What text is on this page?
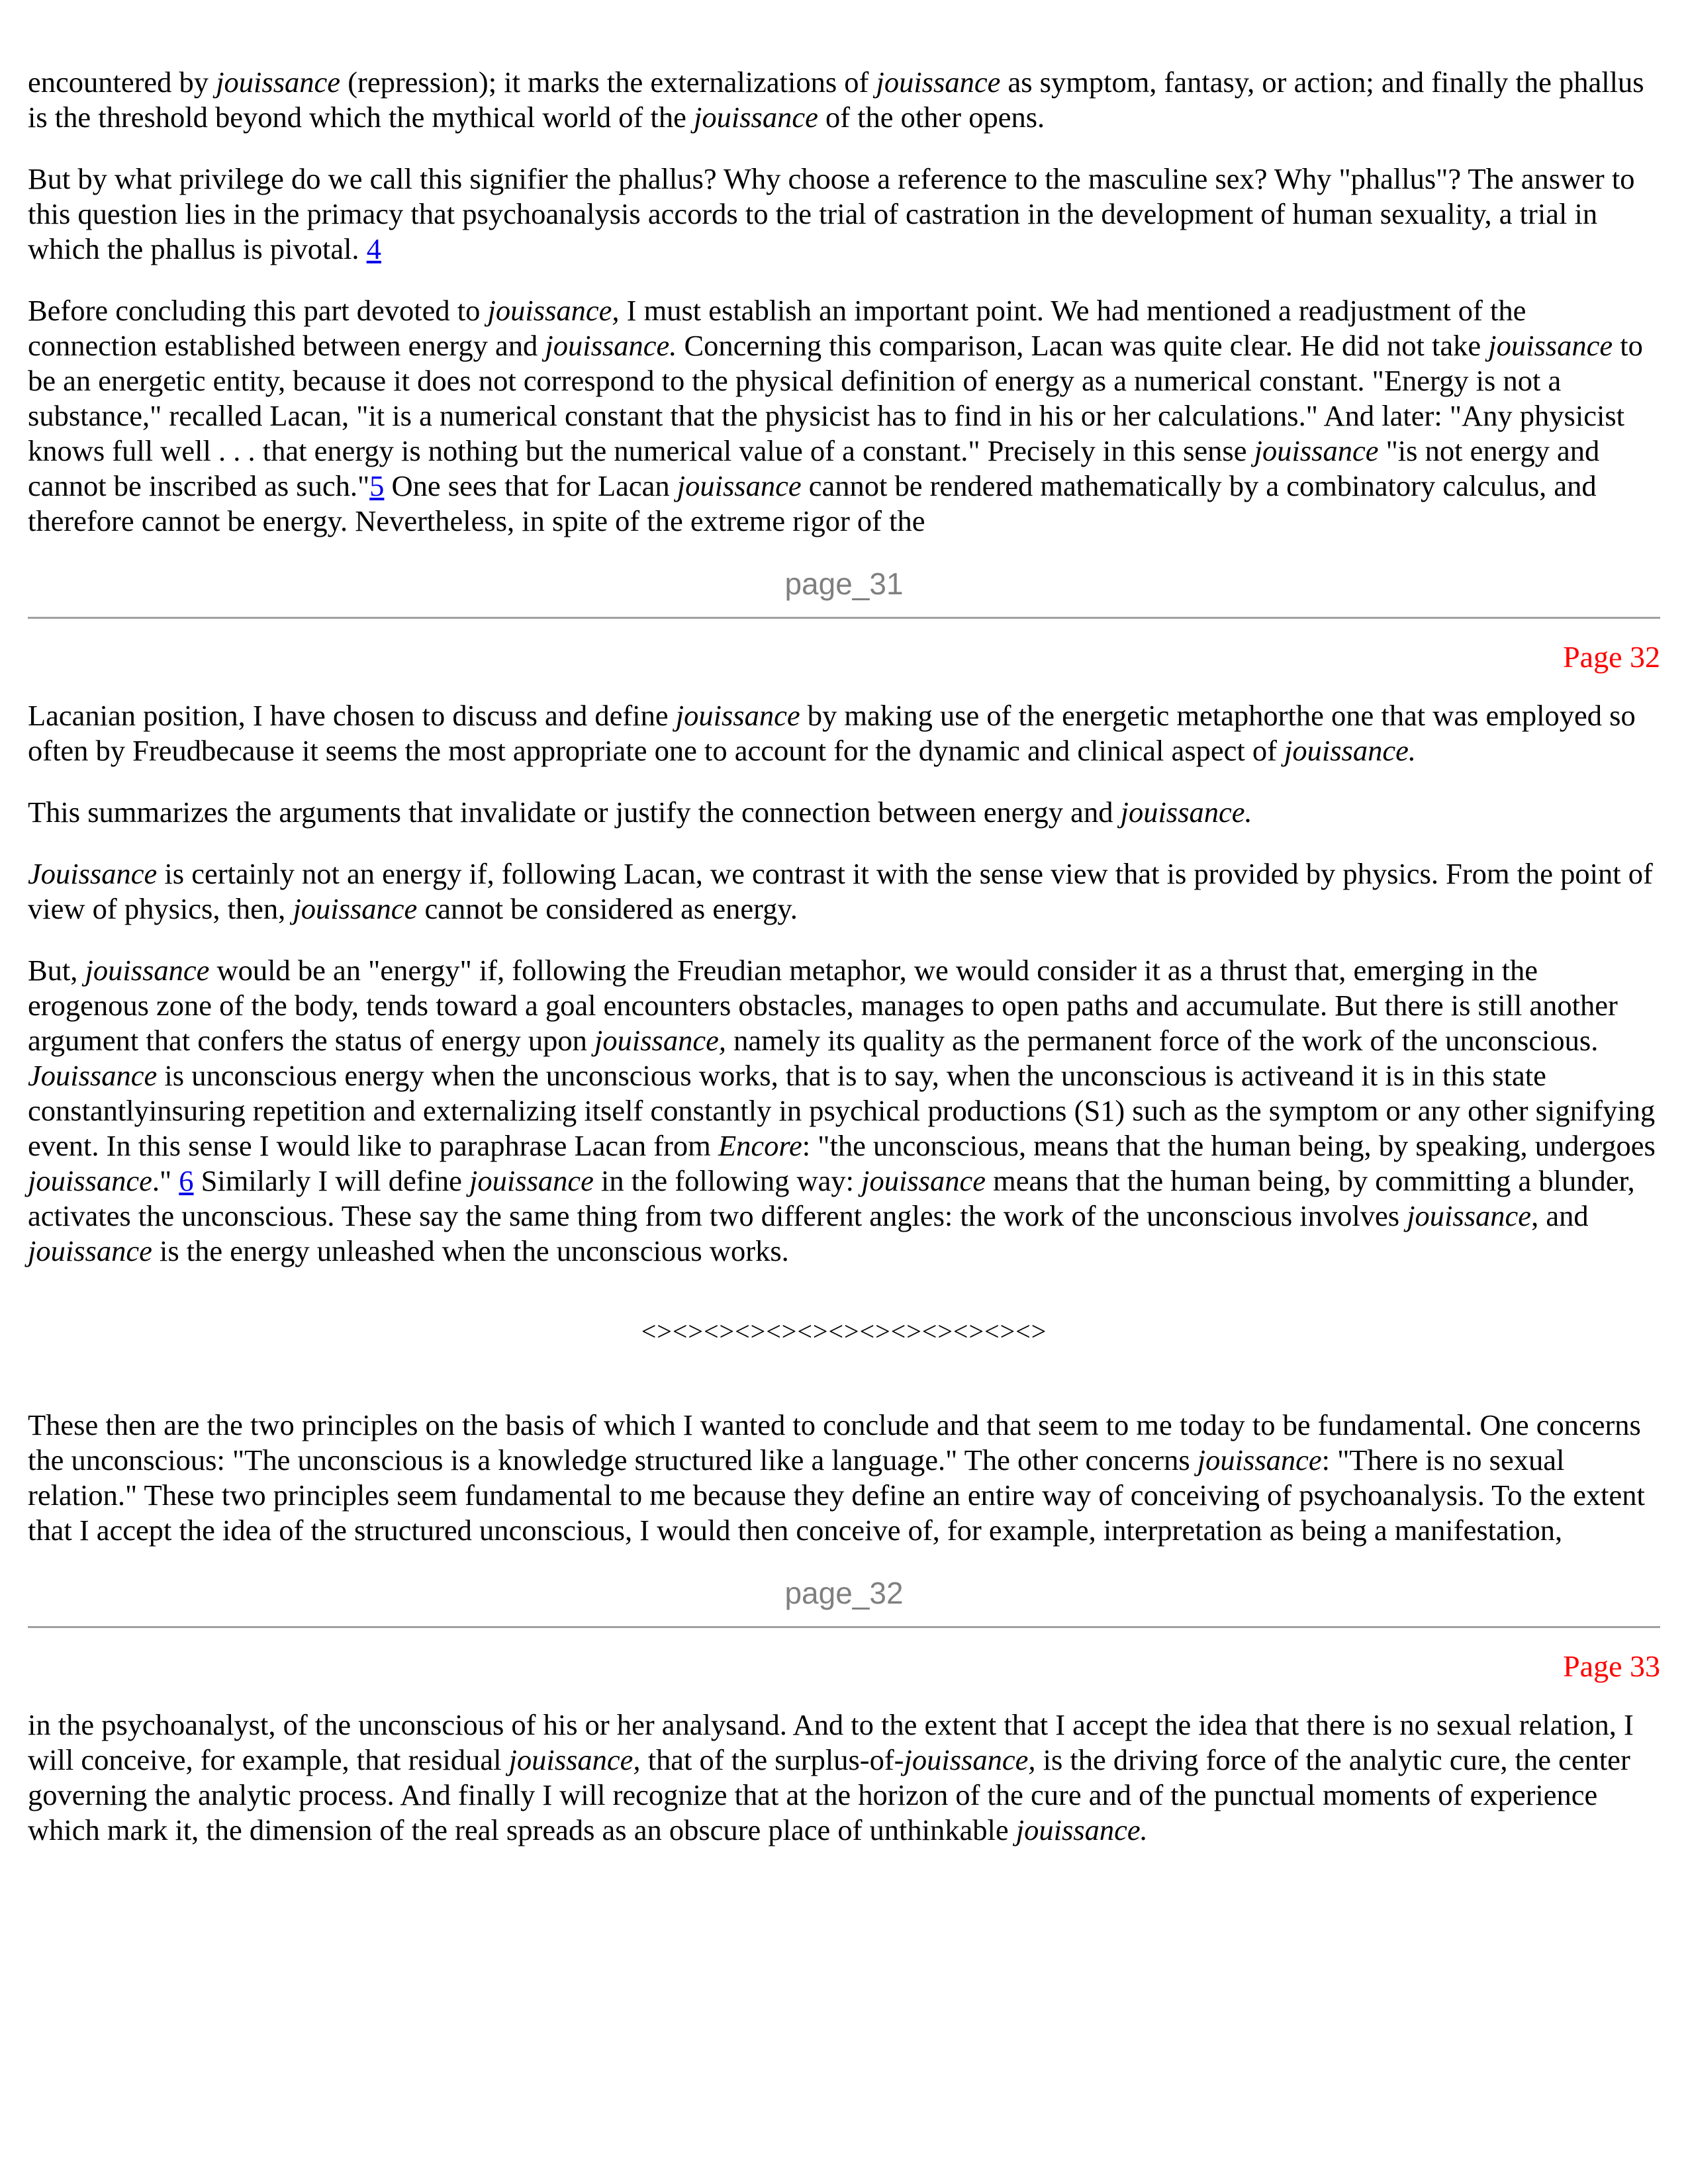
encountered by jouissance (repression); it marks the externalizations of jouissance as symptom, fantasy, or action; and finally the phallus is the threshold beyond which the mythical world of the jouissance of the other opens.

But by what privilege do we call this signifier the phallus? Why choose a reference to the masculine sex? Why "phallus"? The answer to this question lies in the primacy that psychoanalysis accords to the trial of castration in the development of human sexuality, a trial in which the phallus is pivotal. 4

Before concluding this part devoted to jouissance, I must establish an important point. We had mentioned a readjustment of the connection established between energy and jouissance. Concerning this comparison, Lacan was quite clear. He did not take jouissance to be an energetic entity, because it does not correspond to the physical definition of energy as a numerical constant. "Energy is not a substance," recalled Lacan, "it is a numerical constant that the physicist has to find in his or her calculations." And later: "Any physicist knows full well . . . that energy is nothing but the numerical value of a constant." Precisely in this sense jouissance "is not energy and cannot be inscribed as such."5 One sees that for Lacan jouissance cannot be rendered mathematically by a combinatory calculus, and therefore cannot be energy. Nevertheless, in spite of the extreme rigor of the

page_31
Page 32

Lacanian position, I have chosen to discuss and define jouissance by making use of the energetic metaphorthe one that was employed so often by Freudbecause it seems the most appropriate one to account for the dynamic and clinical aspect of jouissance.

This summarizes the arguments that invalidate or justify the connection between energy and jouissance.

Jouissance is certainly not an energy if, following Lacan, we contrast it with the sense view that is provided by physics. From the point of view of physics, then, jouissance cannot be considered as energy.

But, jouissance would be an "energy" if, following the Freudian metaphor, we would consider it as a thrust that, emerging in the erogenous zone of the body, tends toward a goal encounters obstacles, manages to open paths and accumulate. But there is still another argument that confers the status of energy upon jouissance, namely its quality as the permanent force of the work of the unconscious. Jouissance is unconscious energy when the unconscious works, that is to say, when the unconscious is activeand it is in this state constantlyinsuring repetition and externalizing itself constantly in psychical productions (S1) such as the symptom or any other signifying event. In this sense I would like to paraphrase Lacan from Encore: "the unconscious, means that the human being, by speaking, undergoes jouissance." 6 Similarly I will define jouissance in the following way: jouissance means that the human being, by committing a blunder, activates the unconscious. These say the same thing from two different angles: the work of the unconscious involves jouissance, and jouissance is the energy unleashed when the unconscious works.

<><><><><><><><><><><><><>

These then are the two principles on the basis of which I wanted to conclude and that seem to me today to be fundamental. One concerns the unconscious: "The unconscious is a knowledge structured like a language." The other concerns jouissance: "There is no sexual relation." These two principles seem fundamental to me because they define an entire way of conceiving of psychoanalysis. To the extent that I accept the idea of the structured unconscious, I would then conceive of, for example, interpretation as being a manifestation,

page_32
Page 33

in the psychoanalyst, of the unconscious of his or her analysand. And to the extent that I accept the idea that there is no sexual relation, I will conceive, for example, that residual jouissance, that of the surplus-of-jouissance, is the driving force of the analytic cure, the center governing the analytic process. And finally I will recognize that at the horizon of the cure and of the punctual moments of experience which mark it, the dimension of the real spreads as an obscure place of unthinkable jouissance.
